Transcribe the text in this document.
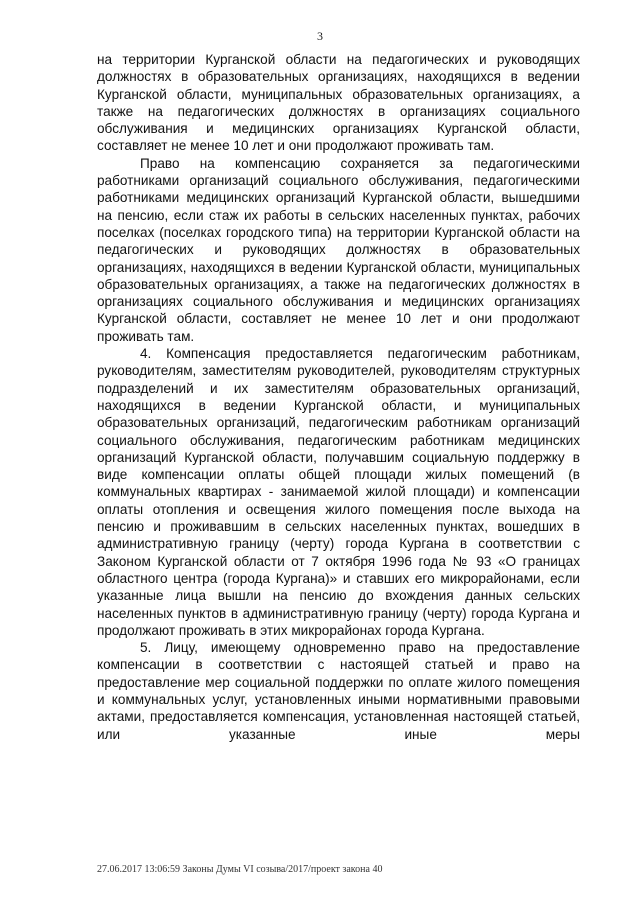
3

на территории Курганской области на педагогических и руководящих должностях в образовательных организациях, находящихся в ведении Курганской области, муниципальных образовательных организациях, а также на педагогических должностях в организациях социального обслуживания и медицинских организациях Курганской области, составляет не менее 10 лет и они продолжают проживать там.

Право на компенсацию сохраняется за педагогическими работниками организаций социального обслуживания, педагогическими работниками медицинских организаций Курганской области, вышедшими на пенсию, если стаж их работы в сельских населенных пунктах, рабочих поселках (поселках городского типа) на территории Курганской области на педагогических и руководящих должностях в образовательных организациях, находящихся в ведении Курганской области, муниципальных образовательных организациях, а также на педагогических должностях в организациях социального обслуживания и медицинских организациях Курганской области, составляет не менее 10 лет и они продолжают проживать там.

4. Компенсация предоставляется педагогическим работникам, руководителям, заместителям руководителей, руководителям структурных подразделений и их заместителям образовательных организаций, находящихся в ведении Курганской области, и муниципальных образовательных организаций, педагогическим работникам организаций социального обслуживания, педагогическим работникам медицинских организаций Курганской области, получавшим социальную поддержку в виде компенсации оплаты общей площади жилых помещений (в коммунальных квартирах - занимаемой жилой площади) и компенсации оплаты отопления и освещения жилого помещения после выхода на пенсию и проживавшим в сельских населенных пунктах, вошедших в административную границу (черту) города Кургана в соответствии с Законом Курганской области от 7 октября 1996 года № 93 «О границах областного центра (города Кургана)» и ставших его микрорайонами, если указанные лица вышли на пенсию до вхождения данных сельских населенных пунктов в административную границу (черту) города Кургана и продолжают проживать в этих микрорайонах города Кургана.

5. Лицу, имеющему одновременно право на предоставление компенсации в соответствии с настоящей статьей и право на предоставление мер социальной поддержки по оплате жилого помещения и коммунальных услуг, установленных иными нормативными правовыми актами, предоставляется компенсация, установленная настоящей статьей, или указанные иные меры

27.06.2017 13:06:59 Законы Думы VI созыва/2017/проект закона 40
